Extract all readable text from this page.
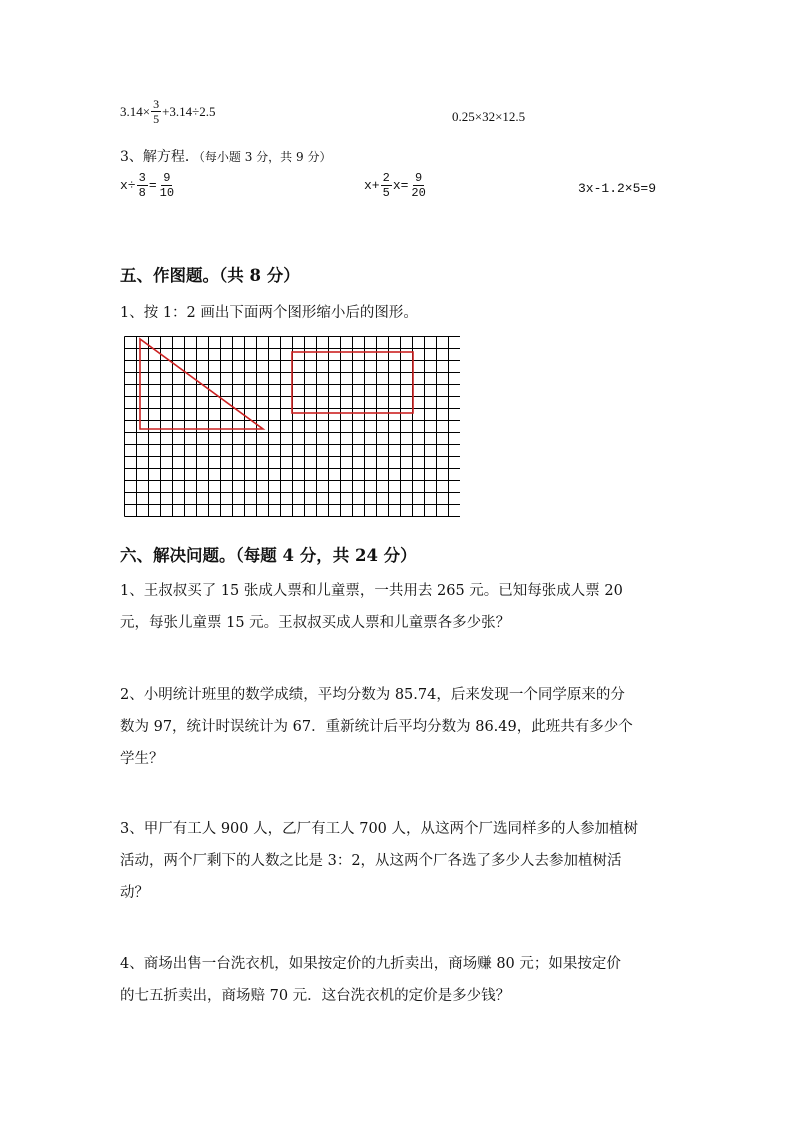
$3.14\times \frac{3}{5} +3.14\div 2.5$	0.25×32×12.5
3、解方程．（每小题 3 分，共 9 分）
$x\div \frac{3}{8} = \frac{9}{10}$	$x+ \frac{2}{5} x= \frac{9}{20}$	3x-1.2×5=9
五、作图题。（共 8 分）
1、按 1：2 画出下面两个图形缩小后的图形。
六、解决问题。（每题 4 分，共 24 分）

1、王叔叔买了 15 张成人票和儿童票，一共用去 265 元。已知每张成人票 20

元，每张儿童票 15 元。王叔叔买成人票和儿童票各多少张？

2、小明统计班里的数学成绩，平均分数为 85.74，后来发现一个同学原来的分

数为 97，统计时误统计为 67．重新统计后平均分数为 86.49，此班共有多少个

学生？

3、甲厂有工人 900 人，乙厂有工人 700 人，从这两个厂选同样多的人参加植树

活动，两个厂剩下的人数之比是 3：2，从这两个厂各选了多少人去参加植树活

动？

4、商场出售一台洗衣机，如果按定价的九折卖出，商场赚 80 元；如果按定价

的七五折卖出，商场赔 70 元．这台洗衣机的定价是多少钱？
